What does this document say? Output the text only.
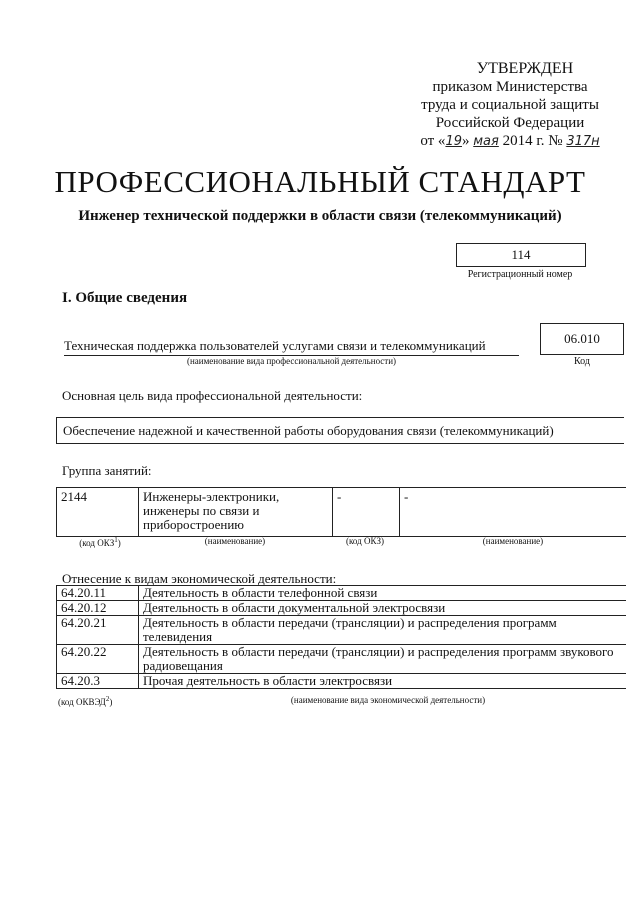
УТВЕРЖДЕН
приказом Министерства
труда и социальной защиты
Российской Федерации
от «19» мая 2014 г. № 317н
ПРОФЕССИОНАЛЬНЫЙ СТАНДАРТ
Инженер технической поддержки в области связи (телекоммуникаций)
114
Регистрационный номер
I. Общие сведения
Техническая поддержка пользователей услугами связи и телекоммуникаций
(наименование вида профессиональной деятельности)
06.010
Код
Основная цель вида профессиональной деятельности:
Обеспечение надежной и качественной работы оборудования связи (телекоммуникаций)
Группа занятий:
2144	Инженеры-электроники, инженеры по связи и приборостроению	-	-
(код ОКЗ$^1$)	(наименование)	(код ОКЗ)	(наименование)
Отнесение к видам экономической деятельности:
64.20.11	Деятельность в области телефонной связи
64.20.12	Деятельность в области документальной электросвязи
64.20.21	Деятельность в области передачи (трансляции) и распределения программ телевидения
64.20.22	Деятельность в области передачи (трансляции) и распределения программ звукового радиовещания
64.20.3	Прочая деятельность в области электросвязи
(код ОКВЭД$^2$)	(наименование вида экономической деятельности)
